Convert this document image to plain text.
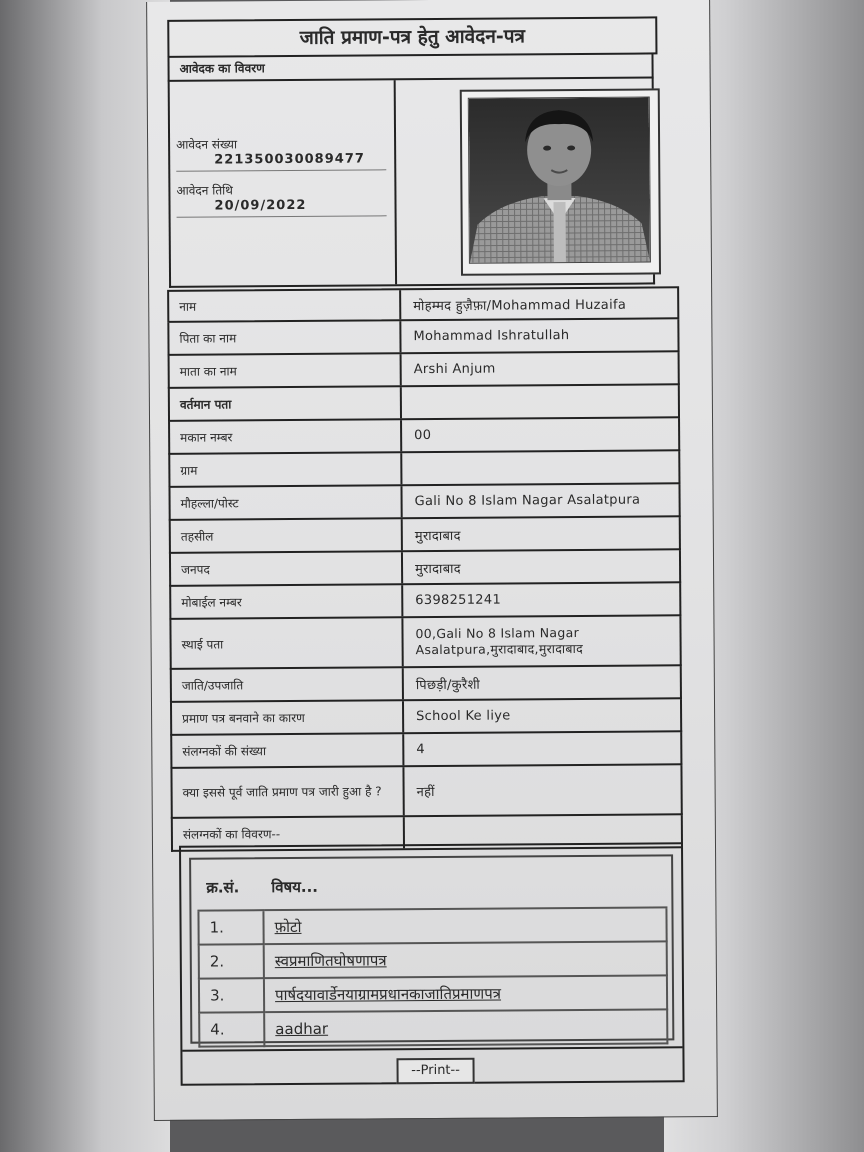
जाति प्रमाण-पत्र हेतु आवेदन-पत्र
आवेदक का विवरण
आवेदन संख्या
221350030089477
आवेदन तिथि
20/09/2022
नाम	मोहम्मद हुज़ैफ़ा/Mohammad Huzaifa
पिता का नाम	Mohammad Ishratullah
माता का नाम	Arshi Anjum
वर्तमान पता
मकान नम्बर	00
ग्राम
मौहल्ला/पोस्ट	Gali No 8 Islam Nagar Asalatpura
तहसील	मुरादाबाद
जनपद	मुरादाबाद
मोबाईल नम्बर	6398251241
स्थाई पता
00,Gali No 8 Islam Nagar Asalatpura,मुरादाबाद,मुरादाबाद
जाति/उपजाति	पिछड़ी/कुरैशी
प्रमाण पत्र बनवाने का कारण	School Ke liye
संलग्नकों की संख्या	4
क्या इससे पूर्व जाति प्रमाण पत्र जारी हुआ है ?	नहीं
संलग्नकों का विवरण--
क्र.सं.	विषय...
1.	फ़ोटो
2.	स्वप्रमाणितघोषणापत्र
3.	पार्षदयावार्डेनयाग्रामप्रधानकाजातिप्रमाणपत्र
4.	aadhar
--Print--
